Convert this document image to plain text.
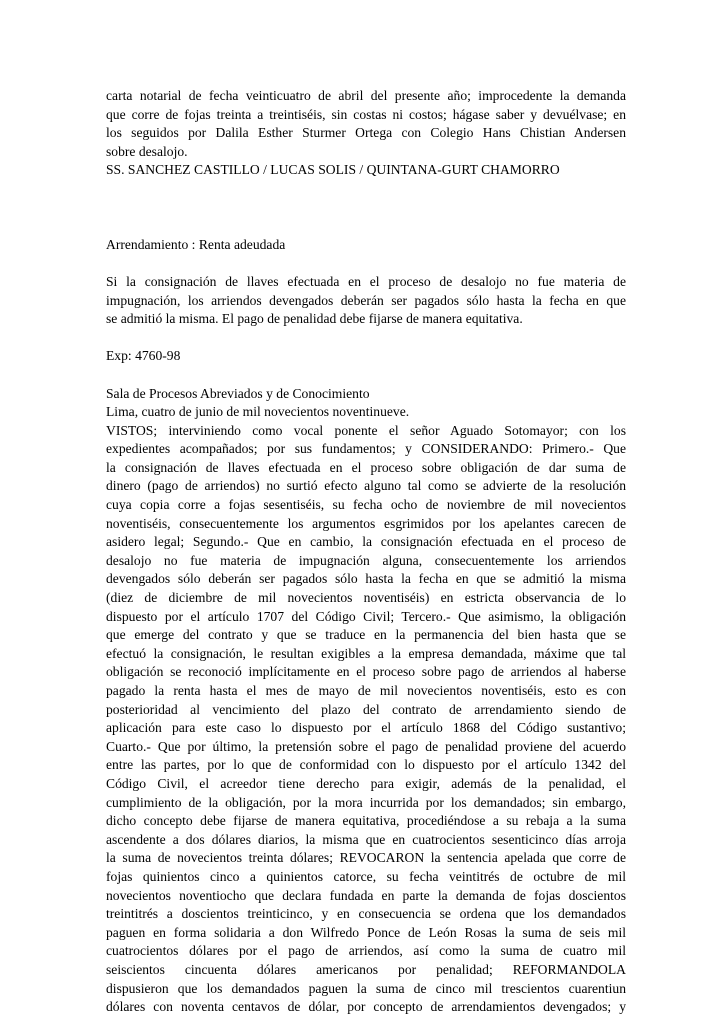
carta notarial de fecha veinticuatro de abril del presente año; improcedente la demanda
que corre de fojas treinta a treintiséis, sin costas ni costos; hágase saber y devuélvase; en
los seguidos por Dalila Esther Sturmer Ortega con Colegio Hans Chistian Andersen
sobre desalojo.
SS. SANCHEZ CASTILLO / LUCAS SOLIS / QUINTANA-GURT CHAMORRO
Arrendamiento : Renta adeudada
Si la consignación de llaves efectuada en el proceso de desalojo no fue materia de
impugnación, los arriendos devengados deberán ser pagados sólo hasta la fecha en que
se admitió la misma. El pago de penalidad debe fijarse de manera equitativa.
Exp: 4760-98
Sala de Procesos Abreviados y de Conocimiento
Lima, cuatro de junio de mil novecientos noventinueve.
VISTOS; interviniendo como vocal ponente el señor Aguado Sotomayor; con los
expedientes acompañados; por sus fundamentos; y CONSIDERANDO: Primero.- Que
la consignación de llaves efectuada en el proceso sobre obligación de dar suma de
dinero (pago de arriendos) no surtió efecto alguno tal como se advierte de la resolución
cuya copia corre a fojas sesentiséis, su fecha ocho de noviembre de mil novecientos
noventiséis, consecuentemente los argumentos esgrimidos por los apelantes carecen de
asidero legal; Segundo.- Que en cambio, la consignación efectuada en el proceso de
desalojo no fue materia de impugnación alguna, consecuentemente los arriendos
devengados sólo deberán ser pagados sólo hasta la fecha en que se admitió la misma
(diez de diciembre de mil novecientos noventiséis) en estricta observancia de lo
dispuesto por el artículo 1707 del Código Civil; Tercero.- Que asimismo, la obligación
que emerge del contrato y que se traduce en la permanencia del bien hasta que se
efectuó la consignación, le resultan exigibles a la empresa demandada, máxime que tal
obligación se reconoció implícitamente en el proceso sobre pago de arriendos al haberse
pagado la renta hasta el mes de mayo de mil novecientos noventiséis, esto es con
posterioridad al vencimiento del plazo del contrato de arrendamiento siendo de
aplicación para este caso lo dispuesto por el artículo 1868 del Código sustantivo;
Cuarto.- Que por último, la pretensión sobre el pago de penalidad proviene del acuerdo
entre las partes, por lo que de conformidad con lo dispuesto por el artículo 1342 del
Código Civil, el acreedor tiene derecho para exigir, además de la penalidad, el
cumplimiento de la obligación, por la mora incurrida por los demandados; sin embargo,
dicho concepto debe fijarse de manera equitativa, procediéndose a su rebaja a la suma
ascendente a dos dólares diarios, la misma que en cuatrocientos sesenticinco días arroja
la suma de novecientos treinta dólares; REVOCARON la sentencia apelada que corre de
fojas quinientos cinco a quinientos catorce, su fecha veintitrés de octubre de mil
novecientos noventiocho que declara fundada en parte la demanda de fojas doscientos
treintitrés a doscientos treinticinco, y en consecuencia se ordena que los demandados
paguen en forma solidaria a don Wilfredo Ponce de León Rosas la suma de seis mil
cuatrocientos dólares por el pago de arriendos, así como la suma de cuatro mil
seiscientos cincuenta dólares americanos por penalidad; REFORMANDOLA
dispusieron que los demandados paguen la suma de cinco mil trescientos cuarentiun
dólares con noventa centavos de dólar, por concepto de arrendamientos devengados; y
